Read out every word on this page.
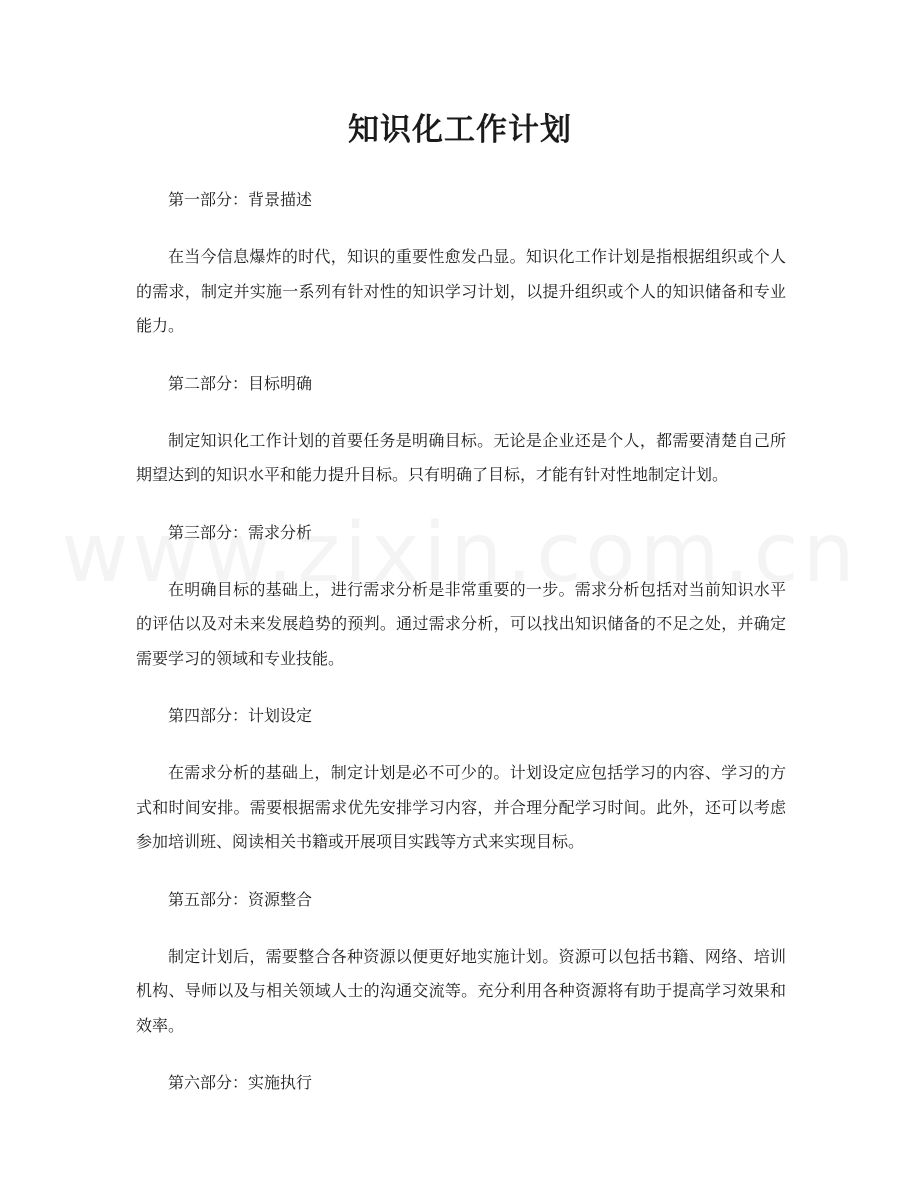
知识化工作计划

第一部分：背景描述

在当今信息爆炸的时代，知识的重要性愈发凸显。知识化工作计划是指根据组织或个人的需求，制定并实施一系列有针对性的知识学习计划，以提升组织或个人的知识储备和专业能力。

第二部分：目标明确

制定知识化工作计划的首要任务是明确目标。无论是企业还是个人，都需要清楚自己所期望达到的知识水平和能力提升目标。只有明确了目标，才能有针对性地制定计划。

第三部分：需求分析

在明确目标的基础上，进行需求分析是非常重要的一步。需求分析包括对当前知识水平的评估以及对未来发展趋势的预判。通过需求分析，可以找出知识储备的不足之处，并确定需要学习的领域和专业技能。

第四部分：计划设定

在需求分析的基础上，制定计划是必不可少的。计划设定应包括学习的内容、学习的方式和时间安排。需要根据需求优先安排学习内容，并合理分配学习时间。此外，还可以考虑参加培训班、阅读相关书籍或开展项目实践等方式来实现目标。

第五部分：资源整合

制定计划后，需要整合各种资源以便更好地实施计划。资源可以包括书籍、网络、培训机构、导师以及与相关领域人士的沟通交流等。充分利用各种资源将有助于提高学习效果和效率。

第六部分：实施执行
